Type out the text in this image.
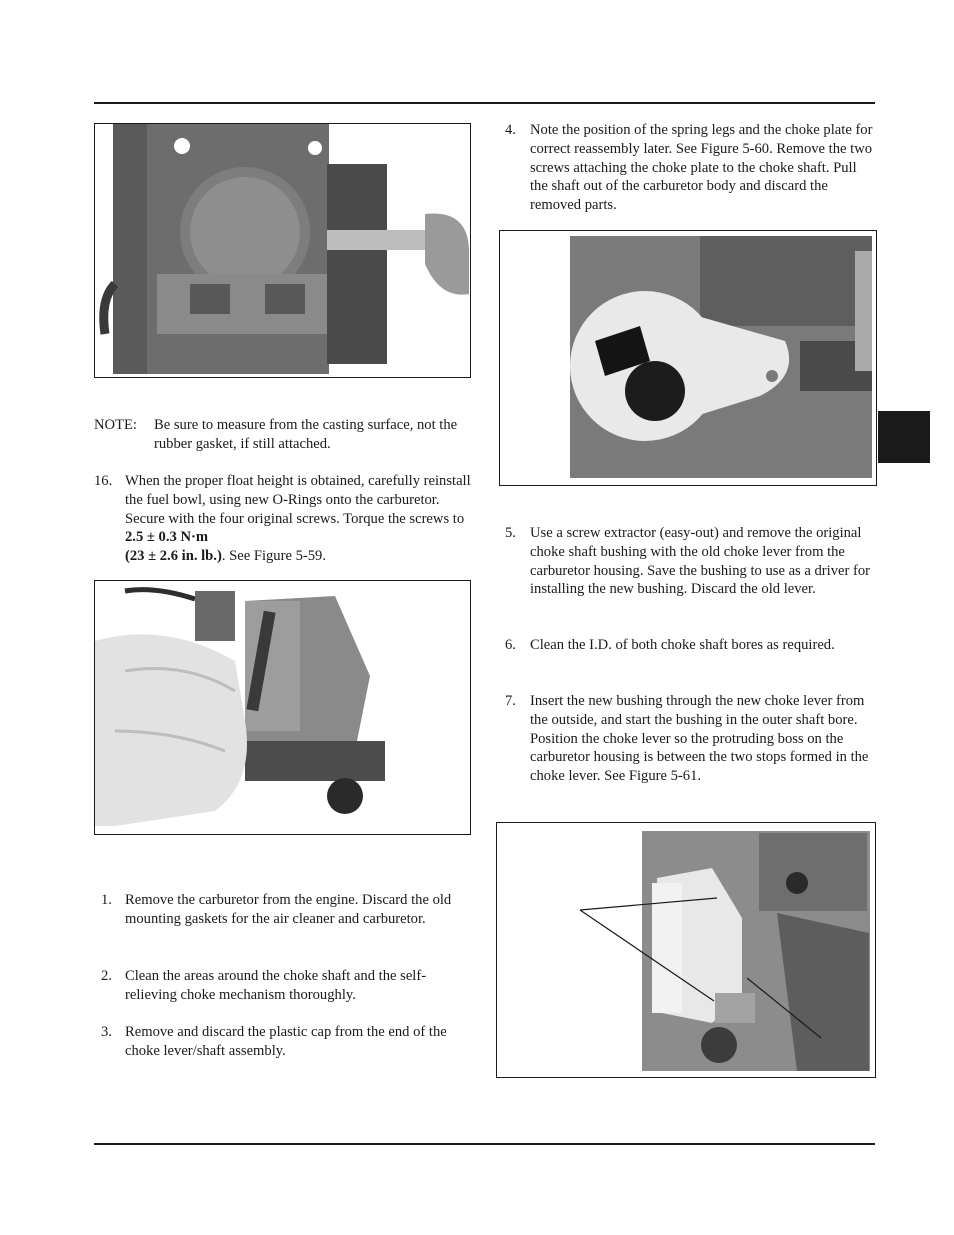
NOTE: Be sure to measure from the casting surface, not the rubber gasket, if still attached.

16. When the proper float height is obtained, carefully reinstall the fuel bowl, using new O-Rings onto the carburetor. Secure with the four original screws. Torque the screws to 2.5 ± 0.3 N·m
(23 ± 2.6 in. lb.). See Figure 5-59.
1. Remove the carburetor from the engine. Discard the old mounting gaskets for the air cleaner and carburetor.
2. Clean the areas around the choke shaft and the self-relieving choke mechanism thoroughly.
3. Remove and discard the plastic cap from the end of the choke lever/shaft assembly.
4. Note the position of the spring legs and the choke plate for correct reassembly later. See Figure 5-60. Remove the two screws attaching the choke plate to the choke shaft. Pull the shaft out of the carburetor body and discard the removed parts.
5. Use a screw extractor (easy-out) and remove the original choke shaft bushing with the old choke lever from the carburetor housing. Save the bushing to use as a driver for installing the new bushing. Discard the old lever.
6. Clean the I.D. of both choke shaft bores as required.
7. Insert the new bushing through the new choke lever from the outside, and start the bushing in the outer shaft bore. Position the choke lever so the protruding boss on the carburetor housing is between the two stops formed in the choke lever. See Figure 5-61.
